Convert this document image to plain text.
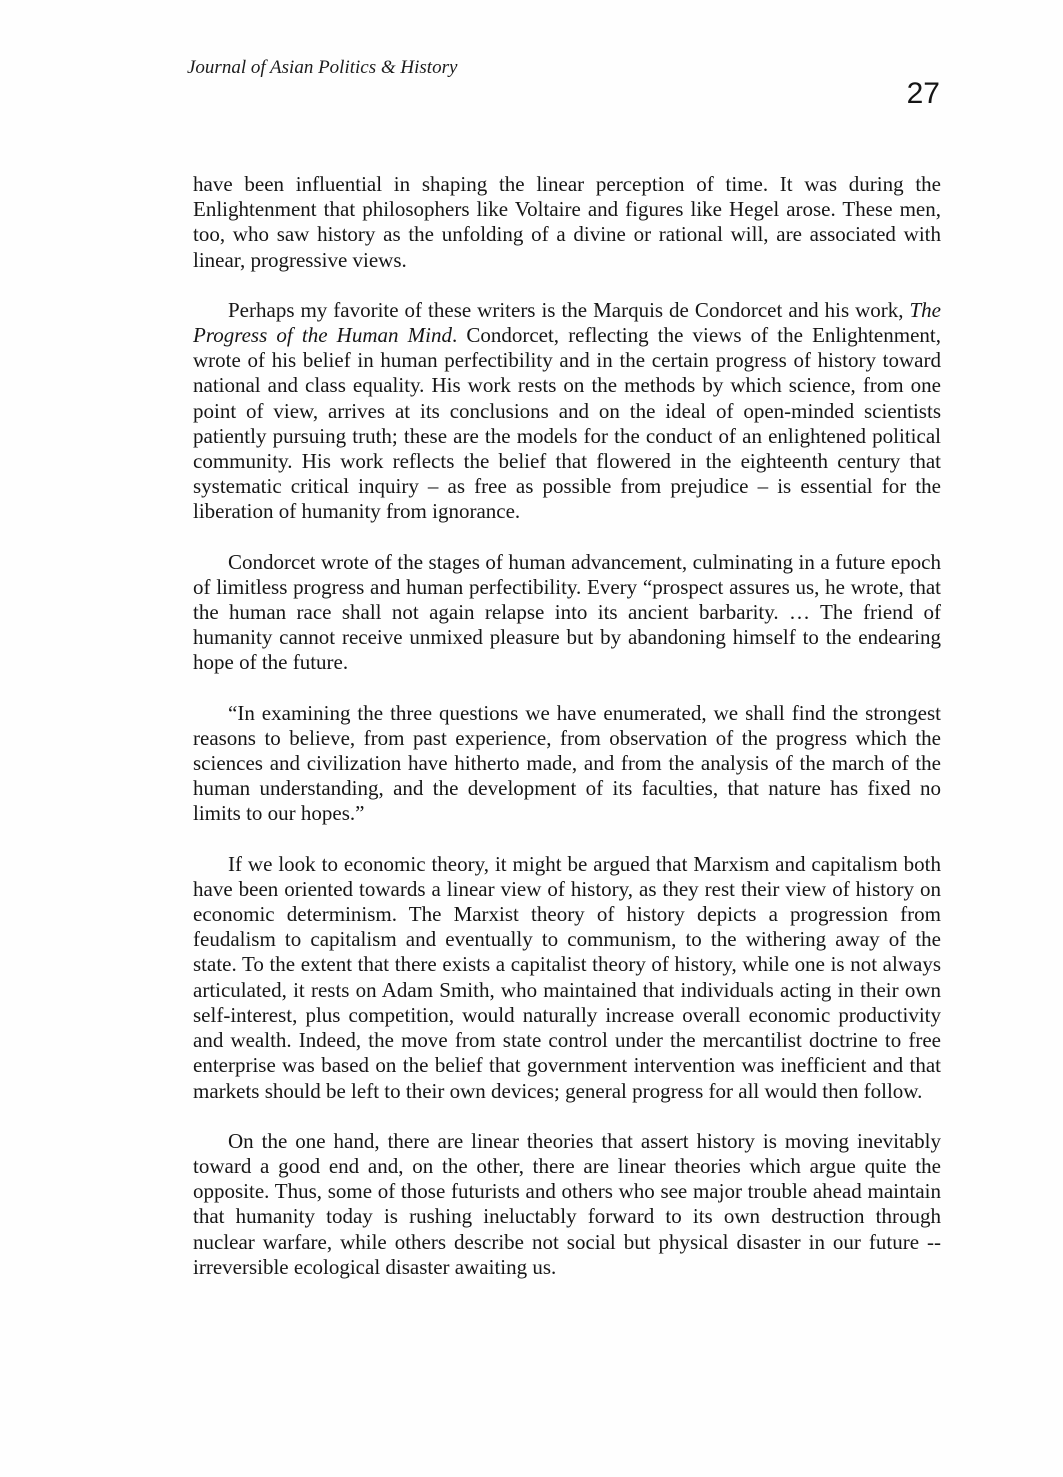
Journal of Asian Politics & History
27

have been influential in shaping the linear perception of time. It was during the Enlightenment that philosophers like Voltaire and figures like Hegel arose. These men, too, who saw history as the unfolding of a divine or rational will, are associated with linear, progressive views.

Perhaps my favorite of these writers is the Marquis de Condorcet and his work, The Progress of the Human Mind. Condorcet, reflecting the views of the Enlightenment, wrote of his belief in human perfectibility and in the certain progress of history toward national and class equality. His work rests on the methods by which science, from one point of view, arrives at its conclusions and on the ideal of open-minded scientists patiently pursuing truth; these are the models for the conduct of an enlightened political community. His work reflects the belief that flowered in the eighteenth century that systematic critical inquiry – as free as possible from prejudice – is essential for the liberation of humanity from ignorance.

Condorcet wrote of the stages of human advancement, culminating in a future epoch of limitless progress and human perfectibility. Every “prospect assures us, he wrote, that the human race shall not again relapse into its ancient barbarity. … The friend of humanity cannot receive unmixed pleasure but by abandoning himself to the endearing hope of the future.

“In examining the three questions we have enumerated, we shall find the strongest reasons to believe, from past experience, from observation of the progress which the sciences and civilization have hitherto made, and from the analysis of the march of the human understanding, and the development of its faculties, that nature has fixed no limits to our hopes.”

If we look to economic theory, it might be argued that Marxism and capitalism both have been oriented towards a linear view of history, as they rest their view of history on economic determinism. The Marxist theory of history depicts a progression from feudalism to capitalism and eventually to communism, to the withering away of the state. To the extent that there exists a capitalist theory of history, while one is not always articulated, it rests on Adam Smith, who maintained that individuals acting in their own self-interest, plus competition, would naturally increase overall economic productivity and wealth. Indeed, the move from state control under the mercantilist doctrine to free enterprise was based on the belief that government intervention was inefficient and that markets should be left to their own devices; general progress for all would then follow.

On the one hand, there are linear theories that assert history is moving inevitably toward a good end and, on the other, there are linear theories which argue quite the opposite. Thus, some of those futurists and others who see major trouble ahead maintain that humanity today is rushing ineluctably forward to its own destruction through nuclear warfare, while others describe not social but physical disaster in our future -- irreversible ecological disaster awaiting us.
